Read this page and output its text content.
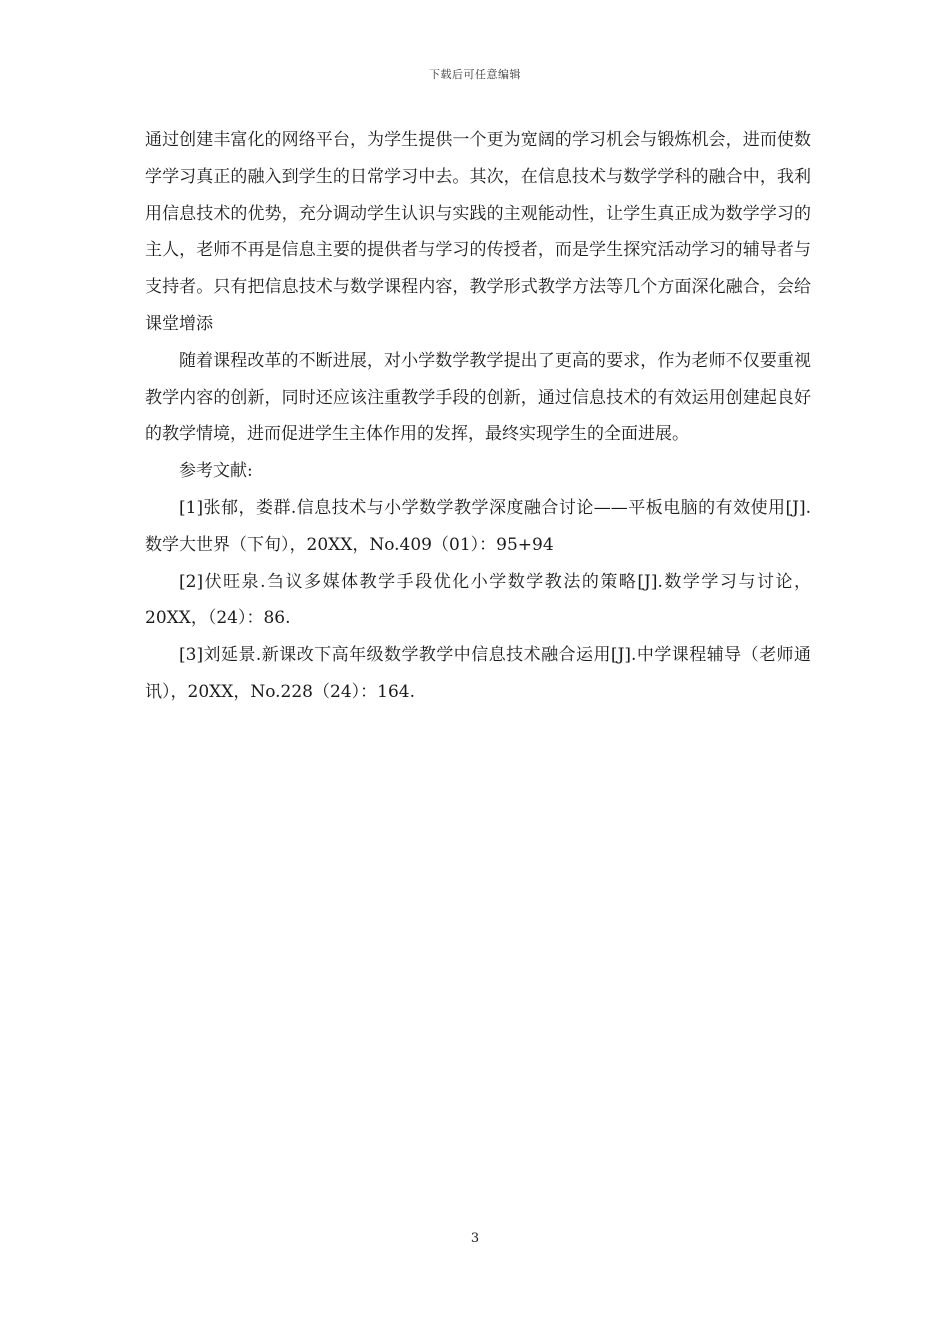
下载后可任意编辑

通过创建丰富化的网络平台，为学生提供一个更为宽阔的学习机会与锻炼机会，进而使数学学习真正的融入到学生的日常学习中去。其次，在信息技术与数学学科的融合中，我利用信息技术的优势，充分调动学生认识与实践的主观能动性，让学生真正成为数学学习的主人，老师不再是信息主要的提供者与学习的传授者，而是学生探究活动学习的辅导者与支持者。只有把信息技术与数学课程内容，教学形式教学方法等几个方面深化融合，会给课堂增添

随着课程改革的不断进展，对小学数学教学提出了更高的要求，作为老师不仅要重视教学内容的创新，同时还应该注重教学手段的创新，通过信息技术的有效运用创建起良好的教学情境，进而促进学生主体作用的发挥，最终实现学生的全面进展。

参考文献:

[1]张郁，娄群.信息技术与小学数学教学深度融合讨论——平板电脑的有效使用[J].数学大世界（下旬），20XX，No.409（01）：95+94

[2]伏旺泉.刍议多媒体教学手段优化小学数学教法的策略[J].数学学习与讨论，20XX，（24）：86.

[3]刘延景.新课改下高年级数学教学中信息技术融合运用[J].中学课程辅导（老师通讯），20XX，No.228（24）：164.

3
